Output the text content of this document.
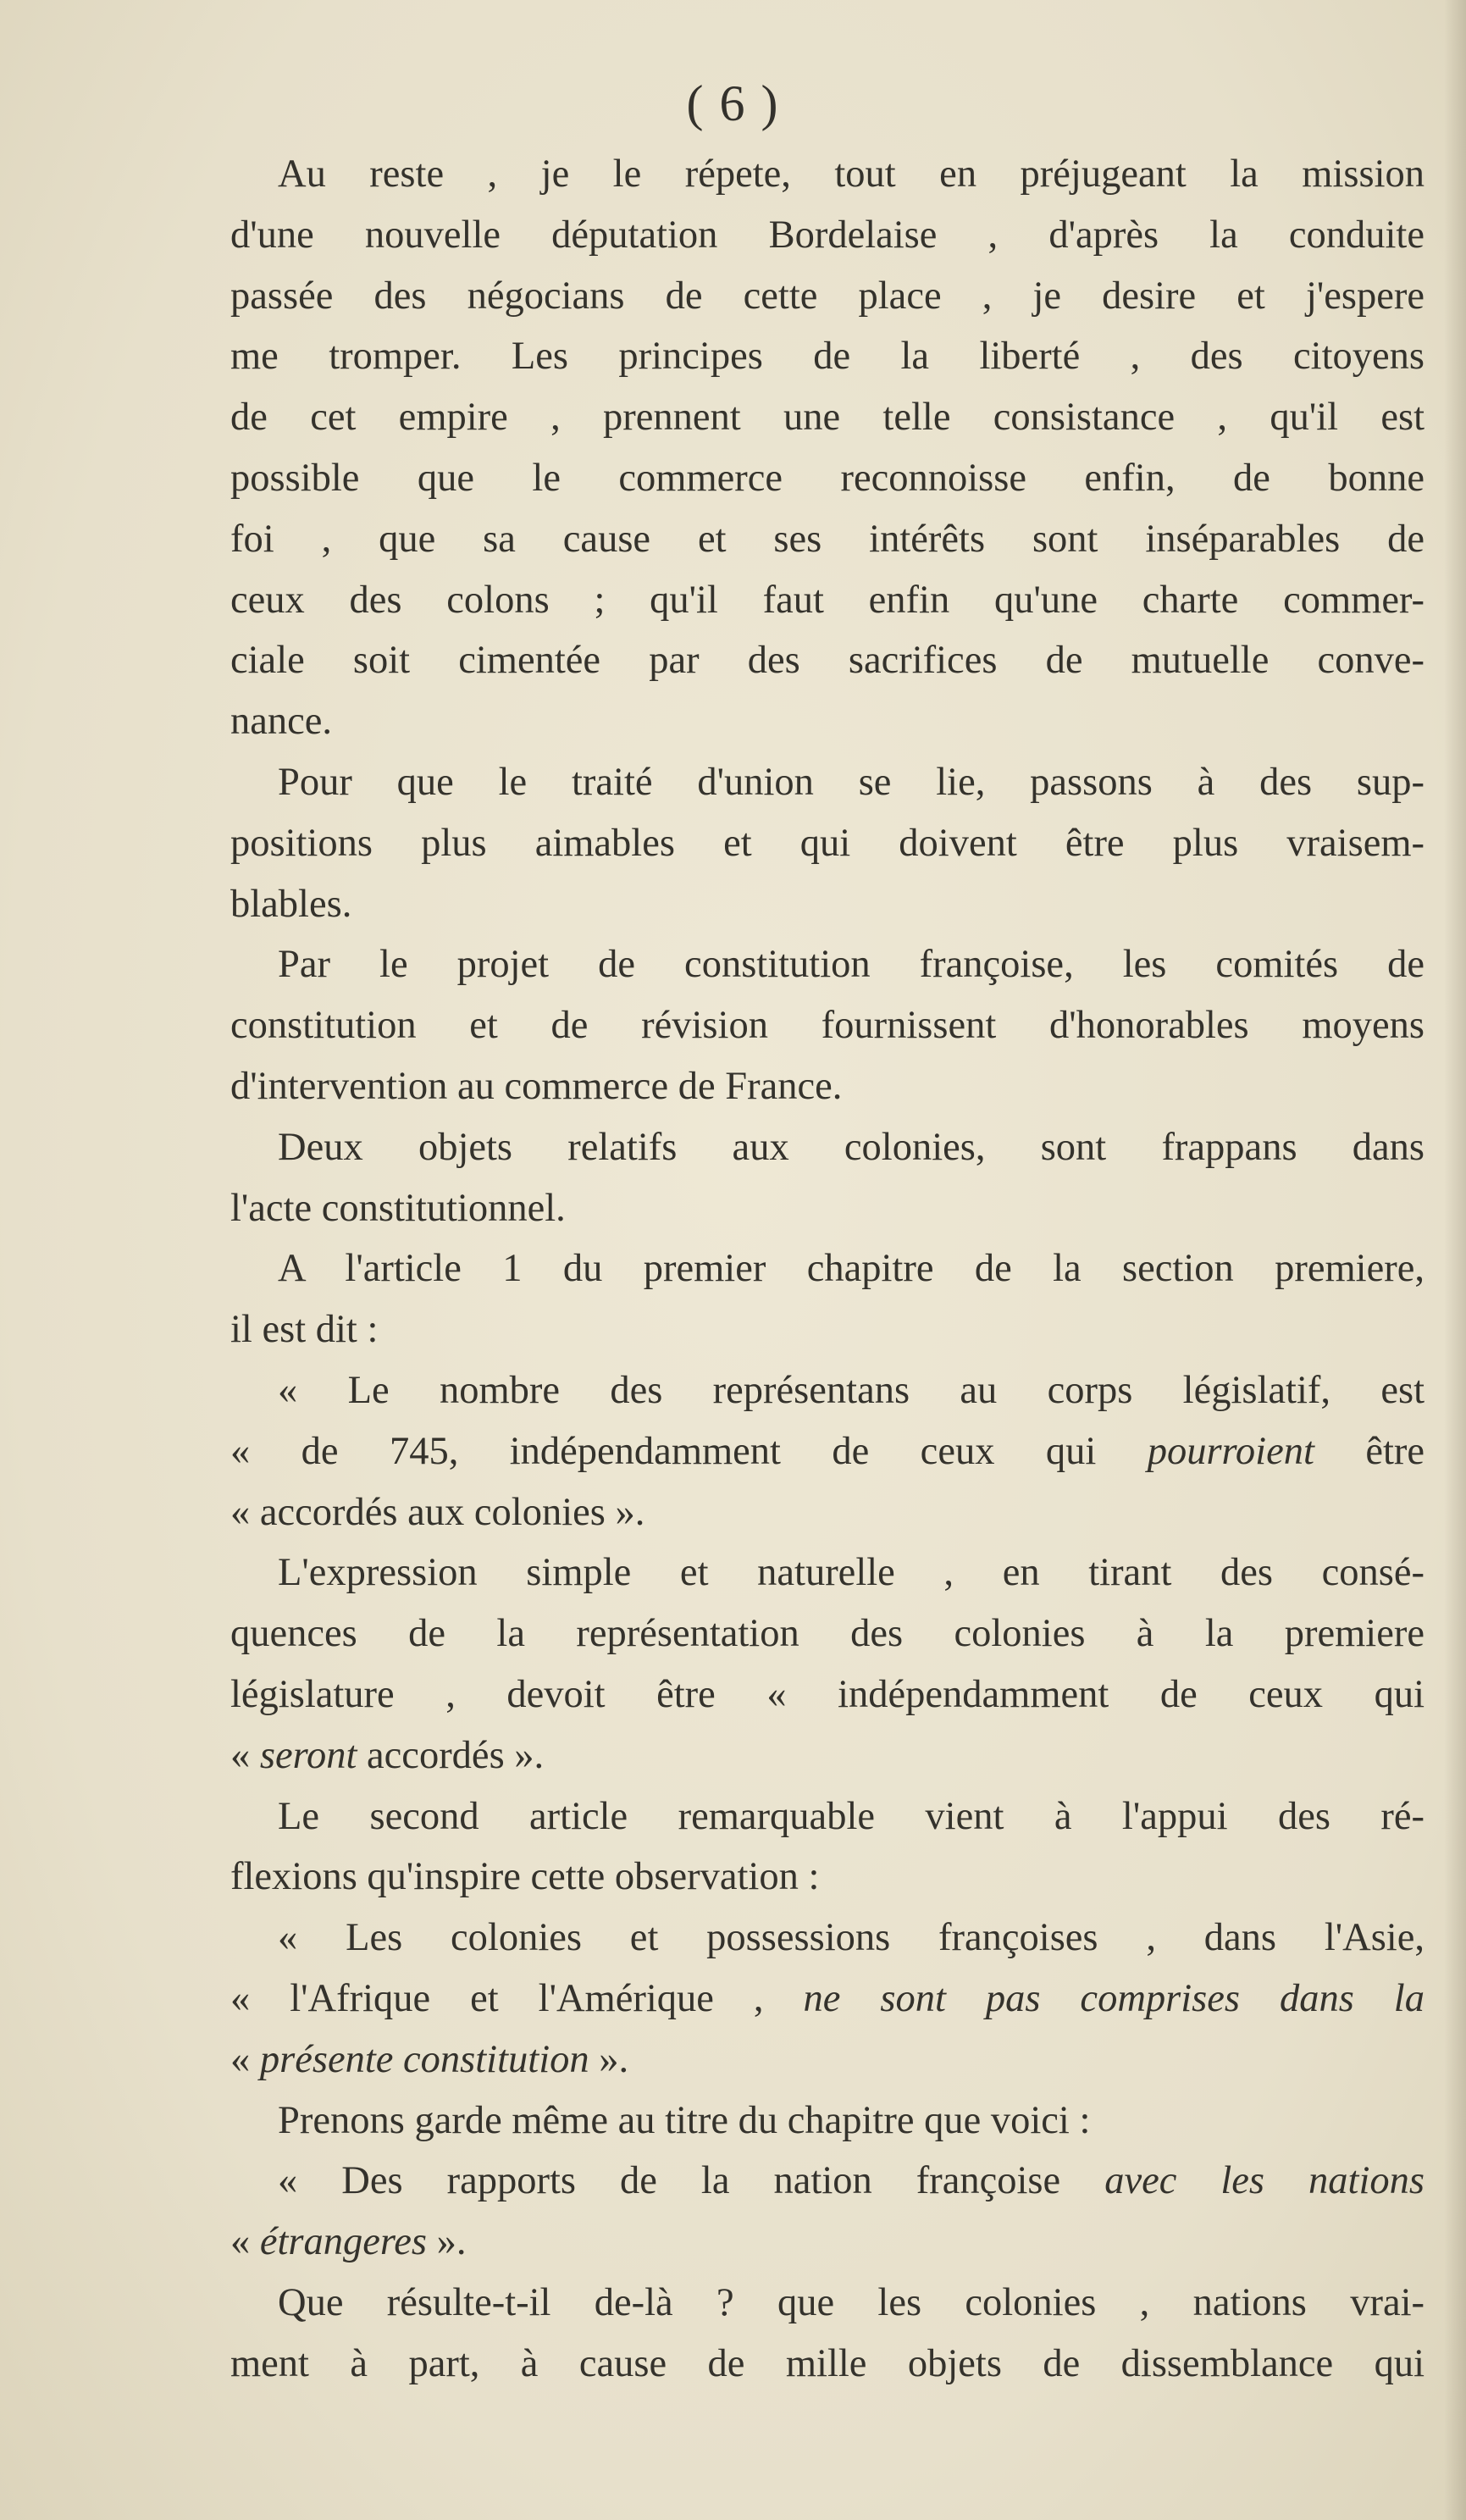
( 6 )
Au reste , je le répete, tout en préjugeant la mission
d'une nouvelle députation Bordelaise , d'après la conduite
passée des négocians de cette place , je desire et j'espere
me tromper. Les principes de la liberté , des citoyens
de cet empire , prennent une telle consistance , qu'il est
possible que le commerce reconnoisse enfin, de bonne
foi , que sa cause et ses intérêts sont inséparables de
ceux des colons ; qu'il faut enfin qu'une charte commer-
ciale soit cimentée par des sacrifices de mutuelle conve-
nance.
Pour que le traité d'union se lie, passons à des sup-
positions plus aimables et qui doivent être plus vraisem-
blables.
Par le projet de constitution françoise, les comités de
constitution et de révision fournissent d'honorables moyens
d'intervention au commerce de France.
Deux objets relatifs aux colonies, sont frappans dans
l'acte constitutionnel.
A l'article 1 du premier chapitre de la section premiere,
il est dit :
« Le nombre des représentans au corps législatif, est
« de 745, indépendamment de ceux qui pourroient être
« accordés aux colonies ».
L'expression simple et naturelle , en tirant des consé-
quences de la représentation des colonies à la premiere
législature , devoit être « indépendamment de ceux qui
« seront accordés ».
Le second article remarquable vient à l'appui des ré-
flexions qu'inspire cette observation :
« Les colonies et possessions françoises , dans l'Asie,
« l'Afrique et l'Amérique , ne sont pas comprises dans la
« présente constitution ».
Prenons garde même au titre du chapitre que voici :
« Des rapports de la nation françoise avec les nations
« étrangeres ».
Que résulte-t-il de-là ? que les colonies , nations vrai-
ment à part, à cause de mille objets de dissemblance qui
